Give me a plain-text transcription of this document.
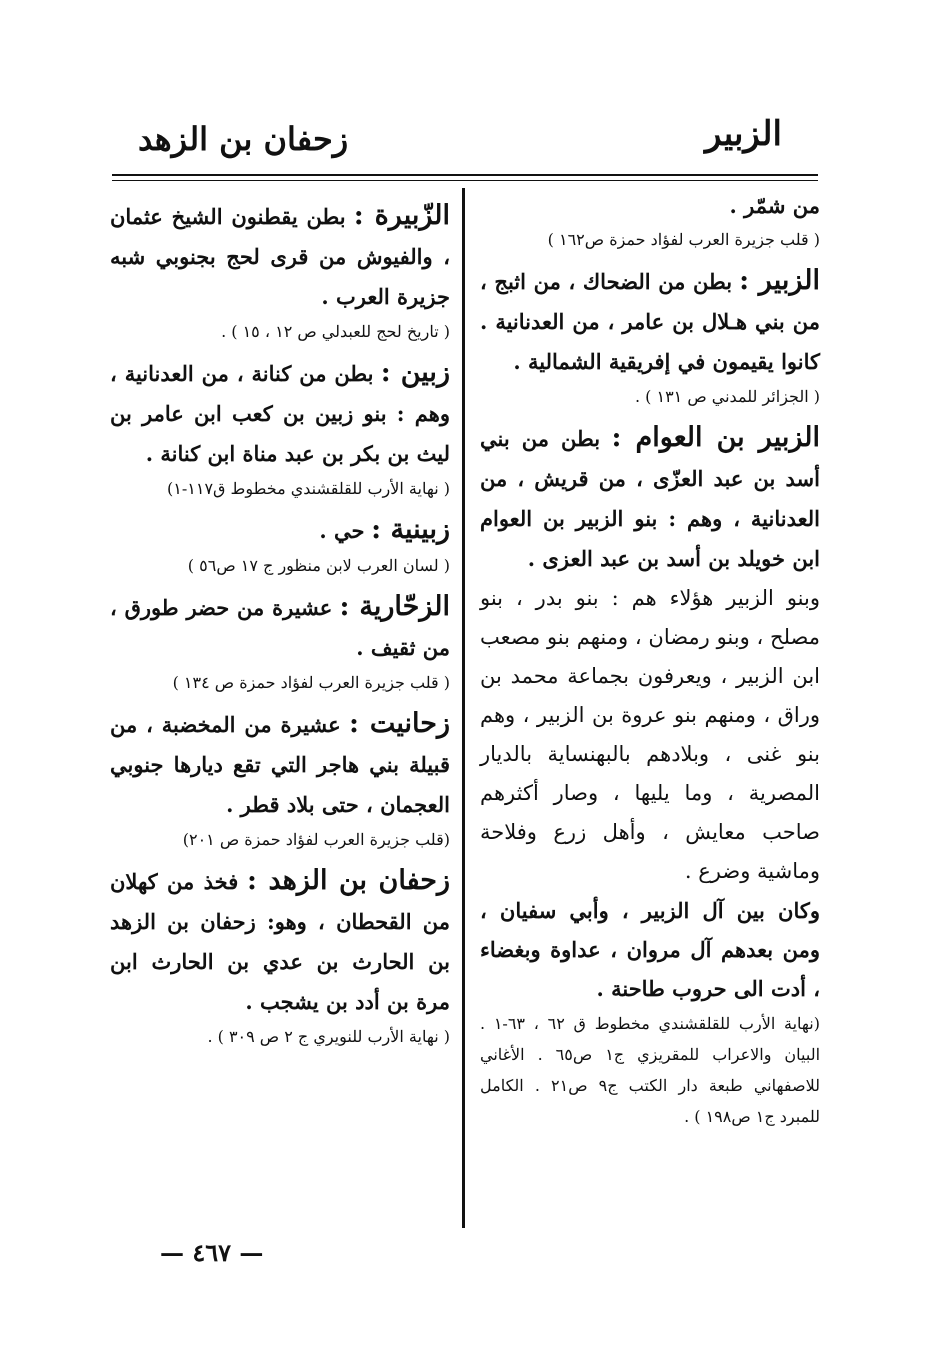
الزبير
زحفان بن الزهد
من شمّر .
( قلب جزيرة العرب لفؤاد حمزة ص١٦٢ )
الزبير : بطن من الضحاك ، من اثبج ، من بني هـلال بن عامر ، من العدنانية . كانوا يقيمون في إفريقية الشمالية .
( الجزائر للمدني ص ١٣١ ) .
الزبير بن العوام : بطن من بني أسد بن عبد العزّى ، من قريش ، من العدنانية ، وهم : بنو الزبير بن العوام ابن خويلد بن أسد بن عبد العزى .
وبنو الزبير هؤلاء هم : بنو بدر ، بنو مصلح ، وبنو رمضان ، ومنهم بنو مصعب ابن الزبير ، ويعرفون بجماعة محمد بن وراق ، ومنهم بنو عروة بن الزبير ، وهم بنو غنى ، وبلادهم بالبهنساية بالديار المصرية ، وما يليها ، وصار أكثرهم صاحب معايش ، وأهل زرع وفلاحة وماشية وضرع .
وكان بين آل الزبير ، وأبي سفيان ، ومن بعدهم آل مروان ، عداوة وبغضاء ، أدت الى حروب طاحنة .
(نهاية الأرب للقلقشندي مخطوط ق ٦٢ ، ٦٣-١ . البيان والاعراب للمقريزي ج١ ص٦٥ . الأغاني للاصفهاني طبعة دار الكتب ج٩ ص٢١ . الكامل للمبرد ج١ ص١٩٨ ) .
الزّبيرة : بطن يقطنون الشيخ عثمان ، والفيوش من قرى لحج بجنوبي شبه جزيرة العرب .
( تاريخ لحج للعبدلي ص ١٢ ، ١٥ ) .
زبين : بطن من كنانة ، من العدنانية ، وهم : بنو زبين بن كعب ابن عامر بن ليث بن بكر بن عبد مناة ابن كنانة .
( نهاية الأرب للقلقشندي مخطوط ق١١٧-١)
زبينية : حي .
( لسان العرب لابن منظور ج ١٧ ص٥٦ )
الزحّارية : عشيرة من حضر طورق ، من ثقيف .
( قلب جزيرة العرب لفؤاد حمزة ص ١٣٤ )
زحانيت : عشيرة من المخضبة ، من قبيلة بني هاجر التي تقع ديارها جنوبي العجمان ، حتى بلاد قطر .
(قلب جزيرة العرب لفؤاد حمزة ص ٢٠١)
زحفان بن الزهد : فخذ من كهلان من القحطان ، وهو: زحفان بن الزهد بن الحارث بن عدي بن الحارث ابن مرة بن أدد بن يشجب .
( نهاية الأرب للنويري ج ٢ ص ٣٠٩ ) .
— ٤٦٧ —
